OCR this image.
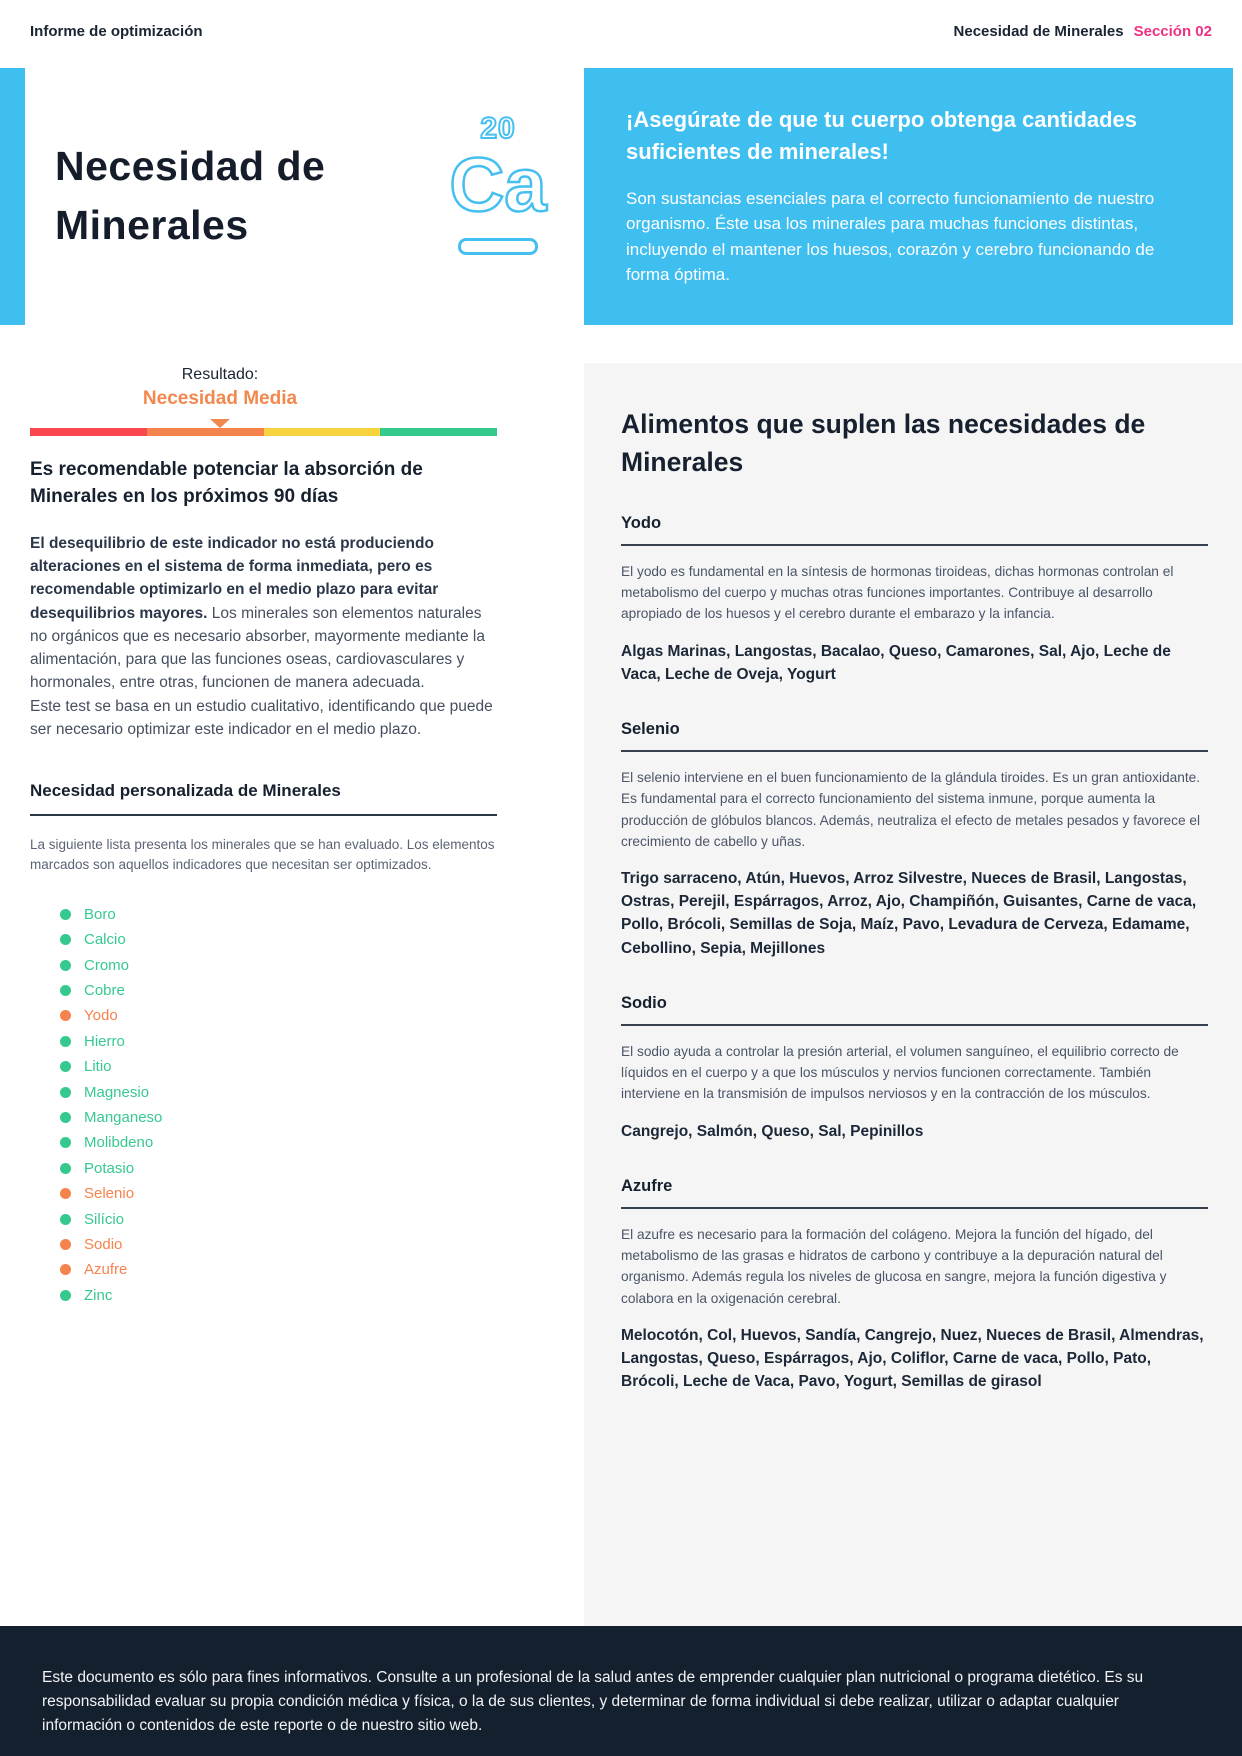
Informe de optimización	Necesidad de Minerales Sección 02
Necesidad de Minerales
20
Ca
¡Asegúrate de que tu cuerpo obtenga cantidades suficientes de minerales!

Son sustancias esenciales para el correcto funcionamiento de nuestro organismo. Éste usa los minerales para muchas funciones distintas, incluyendo el mantener los huesos, corazón y cerebro funcionando de forma óptima.

Resultado:
Necesidad Media
Es recomendable potenciar la absorción de Minerales en los próximos 90 días

El desequilibrio de este indicador no está produciendo alteraciones en el sistema de forma inmediata, pero es recomendable optimizarlo en el medio plazo para evitar desequilibrios mayores. Los minerales son elementos naturales no orgánicos que es necesario absorber, mayormente mediante la alimentación, para que las funciones oseas, cardiovasculares y hormonales, entre otras, funcionen de manera adecuada.

Este test se basa en un estudio cualitativo, identificando que puede ser necesario optimizar este indicador en el medio plazo.

Necesidad personalizada de Minerales

La siguiente lista presenta los minerales que se han evaluado. Los elementos marcados son aquellos indicadores que necesitan ser optimizados.

Boro
Calcio
Cromo
Cobre
Yodo
Hierro
Litio
Magnesio
Manganeso
Molibdeno
Potasio
Selenio
Silício
Sodio
Azufre
Zinc
Alimentos que suplen las necesidades de Minerales
Yodo

El yodo es fundamental en la síntesis de hormonas tiroideas, dichas hormonas controlan el metabolismo del cuerpo y muchas otras funciones importantes. Contribuye al desarrollo apropiado de los huesos y el cerebro durante el embarazo y la infancia.

Algas Marinas, Langostas, Bacalao, Queso, Camarones, Sal, Ajo, Leche de Vaca, Leche de Oveja, Yogurt

Selenio

El selenio interviene en el buen funcionamiento de la glándula tiroides. Es un gran antioxidante. Es fundamental para el correcto funcionamiento del sistema inmune, porque aumenta la producción de glóbulos blancos. Además, neutraliza el efecto de metales pesados y favorece el crecimiento de cabello y uñas.

Trigo sarraceno, Atún, Huevos, Arroz Silvestre, Nueces de Brasil, Langostas, Ostras, Perejil, Espárragos, Arroz, Ajo, Champiñón, Guisantes, Carne de vaca, Pollo, Brócoli, Semillas de Soja, Maíz, Pavo, Levadura de Cerveza, Edamame, Cebollino, Sepia, Mejillones

Sodio

El sodio ayuda a controlar la presión arterial, el volumen sanguíneo, el equilibrio correcto de líquidos en el cuerpo y a que los músculos y nervios funcionen correctamente. También interviene en la transmisión de impulsos nerviosos y en la contracción de los músculos.

Cangrejo, Salmón, Queso, Sal, Pepinillos

Azufre

El azufre es necesario para la formación del colágeno. Mejora la función del hígado, del metabolismo de las grasas e hidratos de carbono y contribuye a la depuración natural del organismo. Además regula los niveles de glucosa en sangre, mejora la función digestiva y colabora en la oxigenación cerebral.

Melocotón, Col, Huevos, Sandía, Cangrejo, Nuez, Nueces de Brasil, Almendras, Langostas, Queso, Espárragos, Ajo, Coliflor, Carne de vaca, Pollo, Pato, Brócoli, Leche de Vaca, Pavo, Yogurt, Semillas de girasol

Este documento es sólo para fines informativos. Consulte a un profesional de la salud antes de emprender cualquier plan nutricional o programa dietético. Es su responsabilidad evaluar su propia condición médica y física, o la de sus clientes, y determinar de forma individual si debe realizar, utilizar o adaptar cualquier información o contenidos de este reporte o de nuestro sitio web.
